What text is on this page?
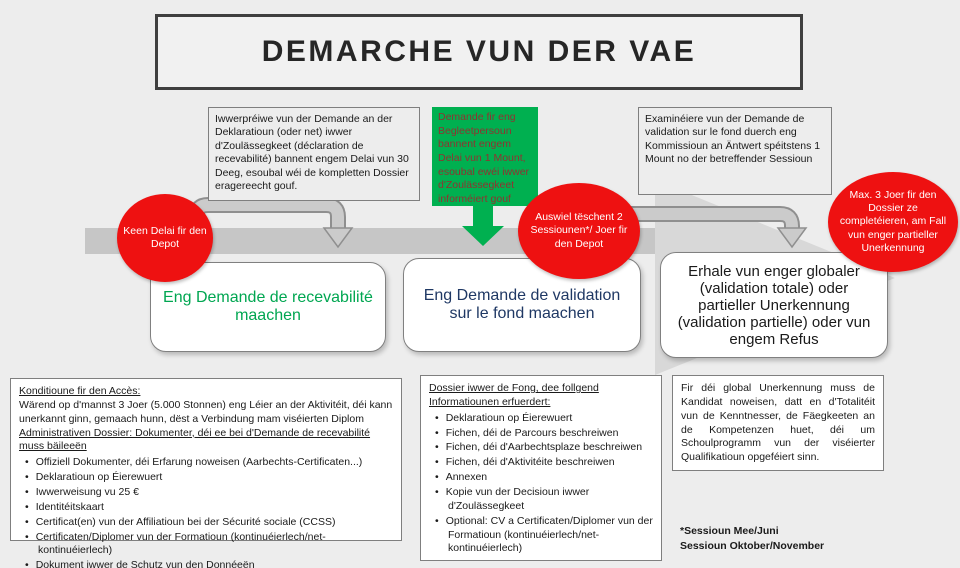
DEMARCHE VUN DER VAE
Iwwerpréiwe vun der Demande an der Deklaratioun (oder net) iwwer d'Zoulässegkeet (déclaration de recevabilité) bannent engem Delai vun 30 Deeg, esoubal wéi de kompletten Dossier eragereecht gouf.
Demande fir eng Begleetpersoun bannent engem Delai vun 1 Mount, esoubal ewéi iwwer d'Zoulässegkeet informéiert gouf
Examinéiere vun der Demande de validation sur le fond duerch eng Kommissioun an Äntwert spéitstens 1 Mount no der betreffender Sessioun
Keen Delai fir den Depot
Auswiel tëschent 2 Sessiounen*/ Joer fir den Depot
Max. 3 Joer fir den Dossier ze completéieren, am Fall vun enger partieller Unerkennung
Eng Demande de recevabilité maachen
Eng Demande de validation sur le fond maachen
Erhale vun enger globaler (validation totale) oder partieller Unerkennung (validation partielle) oder vun engem Refus
Konditioune fir den Accès:
Wärend op d'mannst 3 Joer (5.000 Stonnen) eng Léier an der Aktivitéit, déi kann unerkannt ginn, gemaach hunn, dëst a Verbindung mam viséierten Diplom
Administrativen Dossier: Dokumenter, déi ee bei d'Demande de recevabilité muss bäileeën
• Offiziell Dokumenter, déi Erfarung noweisen (Aarbechts-Certificaten...)
• Deklaratioun op Éierewuert
• Iwwerweisung vu 25 €
• Identitéitskaart
• Certificat(en) vun der Affiliatioun bei der Sécurité sociale (CCSS)
• Certificaten/Diplomer vun der Formatioun (kontinuéierlech/net-kontinuéierlech)
• Dokument iwwer de Schutz vun den Donnéeën
Dossier iwwer de Fong, dee follgend Informatiounen erfuerdert:
• Deklaratioun op Éierewuert
• Fichen, déi de Parcours beschreiwen
• Fichen, déi d'Aarbechtsplaze beschreiwen
• Fichen, déi d'Aktivitéite beschreiwen
• Annexen
• Kopie vun der Decisioun iwwer d'Zoulässegkeet
• Optional: CV a Certificaten/Diplomer vun der Formatioun (kontinuéierlech/net-kontinuéierlech)
Fir déi global Unerkennung muss de Kandidat noweisen, datt en d'Totalitéit vun de Kenntnesser, de Fäegkeeten an de Kompetenzen huet, déi um Schoulprogramm vun der viséierter Qualifikatioun opgeféiert sinn.
*Sessioun Mee/Juni
Sessioun Oktober/November
